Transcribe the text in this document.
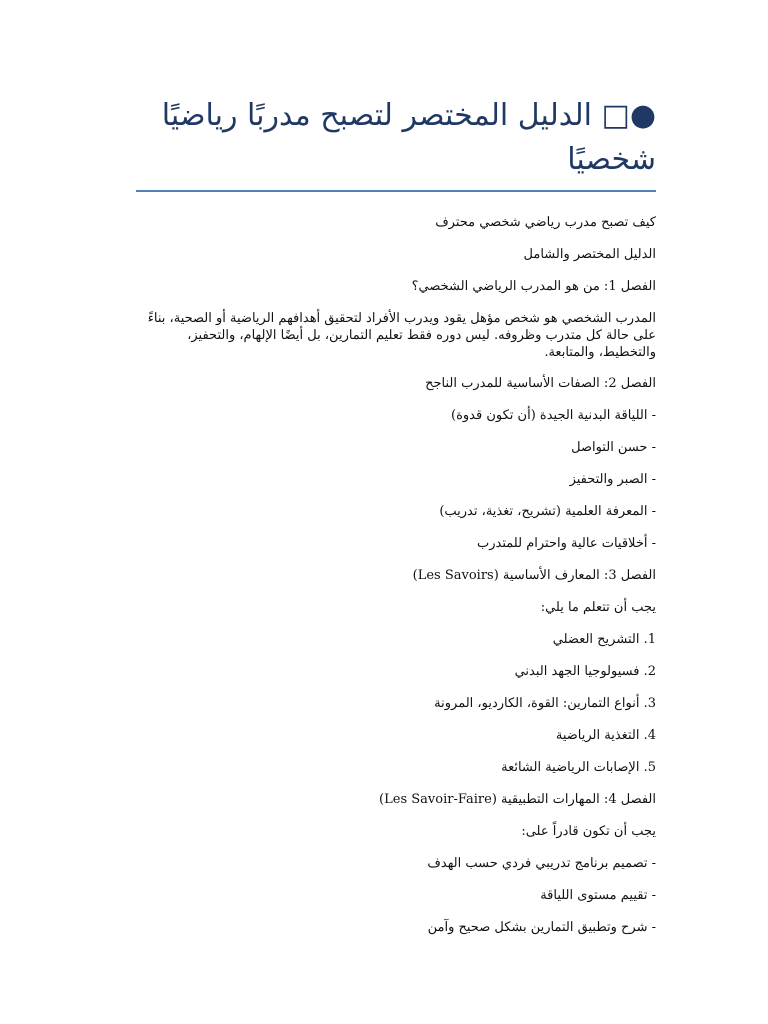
●□ الدليل المختصر لتصبح مدربًا رياضيًا شخصيًا

كيف تصبح مدرب رياضي شخصي محترف

الدليل المختصر والشامل

الفصل 1: من هو المدرب الرياضي الشخصي؟

المدرب الشخصي هو شخص مؤهل يقود ويدرب الأفراد لتحقيق أهدافهم الرياضية أو الصحية، بناءً على حالة كل متدرب وظروفه. ليس دوره فقط تعليم التمارين، بل أيضًا الإلهام، والتحفيز، والتخطيط، والمتابعة.

الفصل 2: الصفات الأساسية للمدرب الناجح

- اللياقة البدنية الجيدة (أن تكون قدوة)

- حسن التواصل

- الصبر والتحفيز

- المعرفة العلمية (تشريح، تغذية، تدريب)

- أخلاقيات عالية واحترام للمتدرب

الفصل 3: المعارف الأساسية (Les Savoirs)

يجب أن تتعلم ما يلي:

1. التشريح العضلي

2. فسيولوجيا الجهد البدني

3. أنواع التمارين: القوة، الكارديو، المرونة

4. التغذية الرياضية

5. الإصابات الرياضية الشائعة

الفصل 4: المهارات التطبيقية (Les Savoir-Faire)

يجب أن تكون قادراً على:

- تصميم برنامج تدريبي فردي حسب الهدف

- تقييم مستوى اللياقة

- شرح وتطبيق التمارين بشكل صحيح وآمن
